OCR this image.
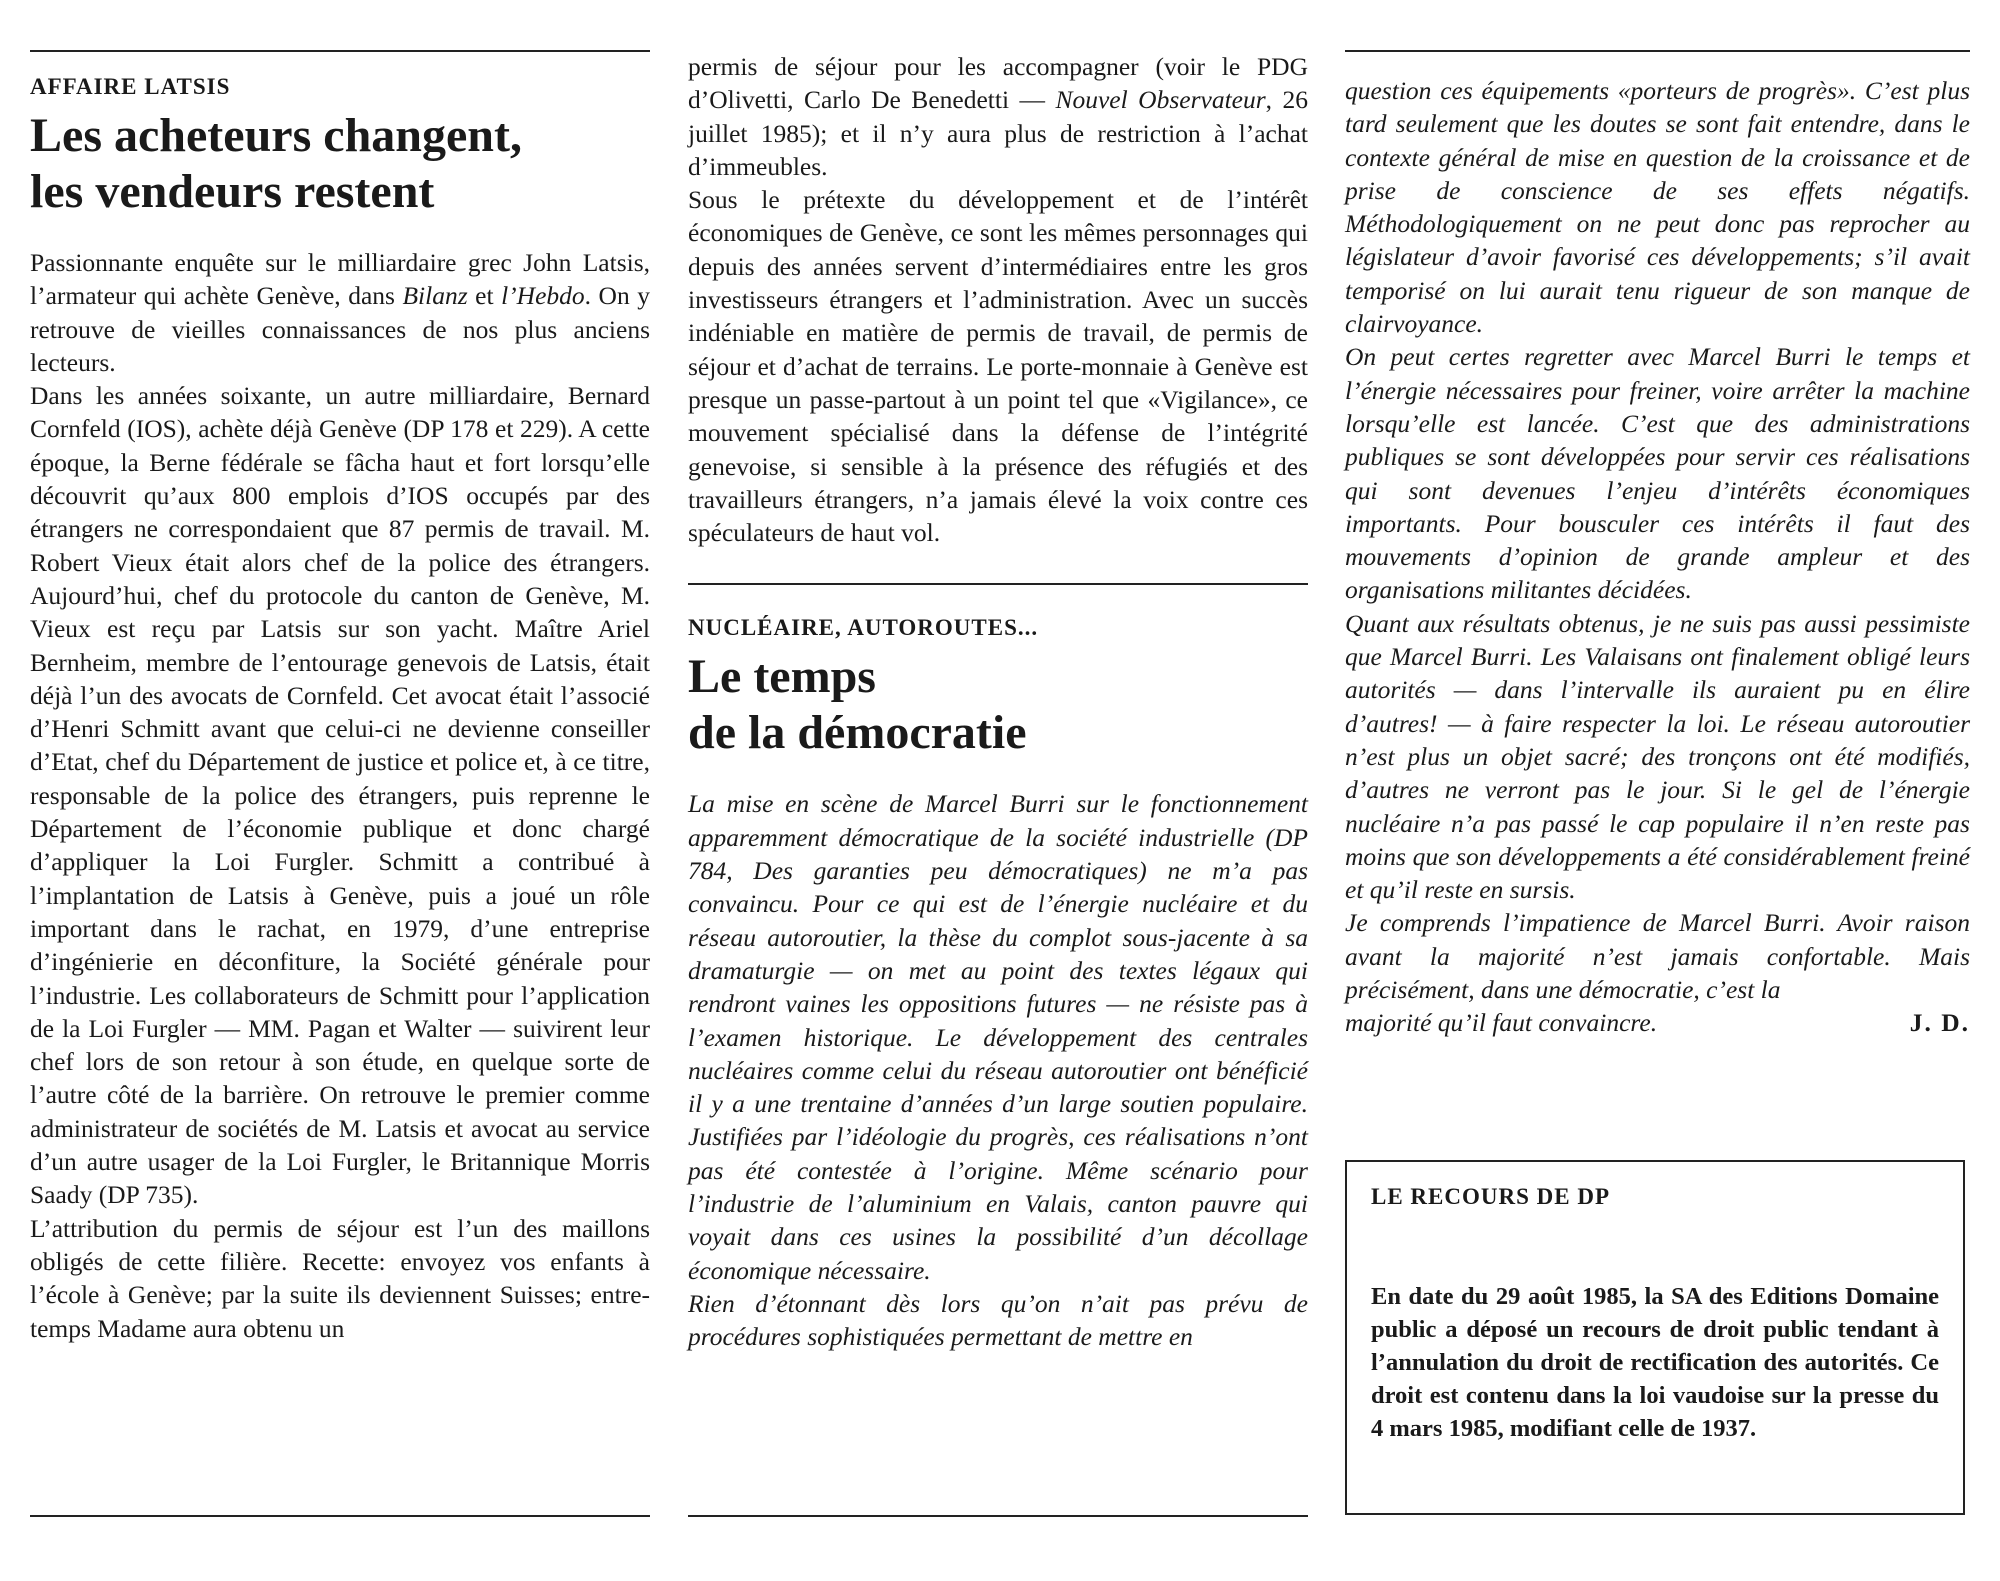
AFFAIRE LATSIS
Les acheteurs changent,
les vendeurs restent

Passionnante enquête sur le milliardaire grec John Latsis, l’armateur qui achète Genève, dans Bilanz et l’Hebdo. On y retrouve de vieilles connaissances de nos plus anciens lecteurs.

Dans les années soixante, un autre milliardaire, Bernard Cornfeld (IOS), achète déjà Genève (DP 178 et 229). A cette époque, la Berne fédérale se fâcha haut et fort lorsqu’elle découvrit qu’aux 800 emplois d’IOS occupés par des étrangers ne correspondaient que 87 permis de travail. M. Robert Vieux était alors chef de la police des étrangers. Aujourd’hui, chef du protocole du canton de Genève, M. Vieux est reçu par Latsis sur son yacht. Maître Ariel Bernheim, membre de l’entourage genevois de Latsis, était déjà l’un des avocats de Cornfeld. Cet avocat était l’associé d’Henri Schmitt avant que celui-ci ne devienne conseiller d’Etat, chef du Département de justice et police et, à ce titre, responsable de la police des étrangers, puis reprenne le Département de l’économie publique et donc chargé d’appliquer la Loi Furgler. Schmitt a contribué à l’implantation de Latsis à Genève, puis a joué un rôle important dans le rachat, en 1979, d’une entreprise d’ingénierie en déconfiture, la Société générale pour l’industrie. Les collaborateurs de Schmitt pour l’application de la Loi Furgler — MM. Pagan et Walter — suivirent leur chef lors de son retour à son étude, en quelque sorte de l’autre côté de la barrière. On retrouve le premier comme administrateur de sociétés de M. Latsis et avocat au service d’un autre usager de la Loi Furgler, le Britannique Morris Saady (DP 735).

L’attribution du permis de séjour est l’un des maillons obligés de cette filière. Recette: envoyez vos enfants à l’école à Genève; par la suite ils deviennent Suisses; entre-temps Madame aura obtenu un

permis de séjour pour les accompagner (voir le PDG d’Olivetti, Carlo De Benedetti — Nouvel Observateur, 26 juillet 1985); et il n’y aura plus de restriction à l’achat d’immeubles.

Sous le prétexte du développement et de l’intérêt économiques de Genève, ce sont les mêmes personnages qui depuis des années servent d’intermédiaires entre les gros investisseurs étrangers et l’administration. Avec un succès indéniable en matière de permis de travail, de permis de séjour et d’achat de terrains. Le porte-monnaie à Genève est presque un passe-partout à un point tel que «Vigilance», ce mouvement spécialisé dans la défense de l’intégrité genevoise, si sensible à la présence des réfugiés et des travailleurs étrangers, n’a jamais élevé la voix contre ces spéculateurs de haut vol.

NUCLÉAIRE, AUTOROUTES...
Le temps
de la démocratie

La mise en scène de Marcel Burri sur le fonctionnement apparemment démocratique de la société industrielle (DP 784, Des garanties peu démocratiques) ne m’a pas convaincu. Pour ce qui est de l’énergie nucléaire et du réseau autoroutier, la thèse du complot sous-jacente à sa dramaturgie — on met au point des textes légaux qui rendront vaines les oppositions futures — ne résiste pas à l’examen historique. Le développement des centrales nucléaires comme celui du réseau autoroutier ont bénéficié il y a une trentaine d’années d’un large soutien populaire. Justifiées par l’idéologie du progrès, ces réalisations n’ont pas été contestée à l’origine. Même scénario pour l’industrie de l’aluminium en Valais, canton pauvre qui voyait dans ces usines la possibilité d’un décollage économique nécessaire.

Rien d’étonnant dès lors qu’on n’ait pas prévu de procédures sophistiquées permettant de mettre en

question ces équipements «porteurs de progrès». C’est plus tard seulement que les doutes se sont fait entendre, dans le contexte général de mise en question de la croissance et de prise de conscience de ses effets négatifs. Méthodologiquement on ne peut donc pas reprocher au législateur d’avoir favorisé ces développements; s’il avait temporisé on lui aurait tenu rigueur de son manque de clairvoyance.

On peut certes regretter avec Marcel Burri le temps et l’énergie nécessaires pour freiner, voire arrêter la machine lorsqu’elle est lancée. C’est que des administrations publiques se sont développées pour servir ces réalisations qui sont devenues l’enjeu d’intérêts économiques importants. Pour bousculer ces intérêts il faut des mouvements d’opinion de grande ampleur et des organisations militantes décidées.

Quant aux résultats obtenus, je ne suis pas aussi pessimiste que Marcel Burri. Les Valaisans ont finalement obligé leurs autorités — dans l’intervalle ils auraient pu en élire d’autres! — à faire respecter la loi. Le réseau autoroutier n’est plus un objet sacré; des tronçons ont été modifiés, d’autres ne verront pas le jour. Si le gel de l’énergie nucléaire n’a pas passé le cap populaire il n’en reste pas moins que son développements a été considérablement freiné et qu’il reste en sursis.

Je comprends l’impatience de Marcel Burri. Avoir raison avant la majorité n’est jamais confortable. Mais précisément, dans une démocratie, c’est la
majorité qu’il faut convaincre.	J. D.

LE RECOURS DE DP
En date du 29 août 1985, la SA des Editions Domaine public a déposé un recours de droit public tendant à l’annulation du droit de rectification des autorités. Ce droit est contenu dans la loi vaudoise sur la presse du 4 mars 1985, modifiant celle de 1937.
